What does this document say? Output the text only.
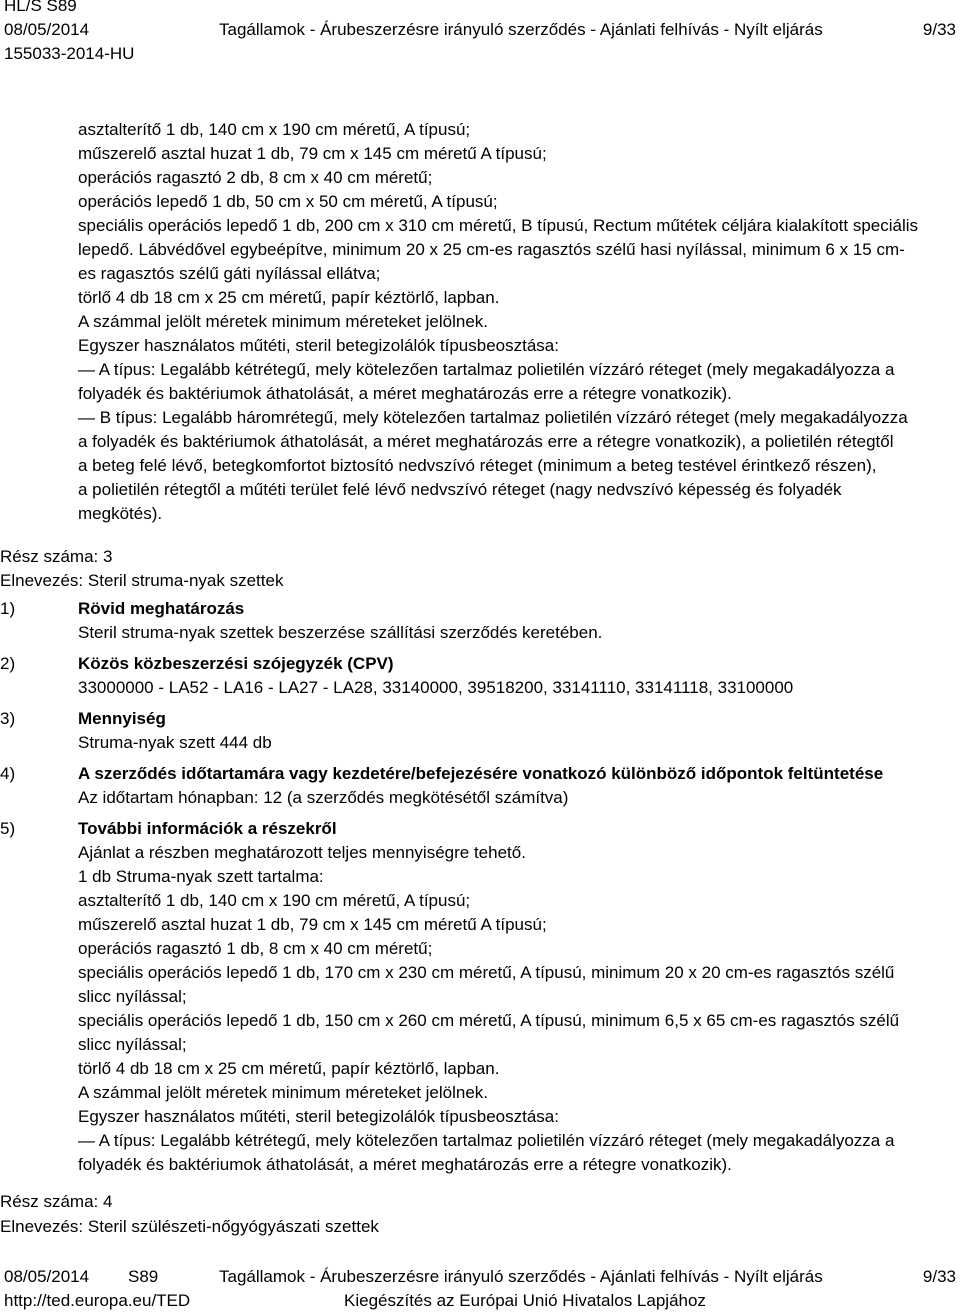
HL/S S89
08/05/2014	Tagállamok - Árubeszerzésre irányuló szerződés - Ajánlati felhívás - Nyílt eljárás	9/33
155033-2014-HU
asztalterítő 1 db, 140 cm x 190 cm méretű, A típusú;
műszerelő asztal huzat 1 db, 79 cm x 145 cm méretű A típusú;
operációs ragasztó 2 db, 8 cm x 40 cm méretű;
operációs lepedő 1 db, 50 cm x 50 cm méretű, A típusú;
speciális operációs lepedő 1 db, 200 cm x 310 cm méretű, B típusú, Rectum műtétek céljára kialakított speciális
lepedő. Lábvédővel egybeépítve, minimum 20 x 25 cm-es ragasztós szélű hasi nyílással, minimum 6 x 15 cm-
es ragasztós szélű gáti nyílással ellátva;
törlő 4 db 18 cm x 25 cm méretű, papír kéztörlő, lapban.
A számmal jelölt méretek minimum méreteket jelölnek.
Egyszer használatos műtéti, steril betegizolálók típusbeosztása:
— A típus: Legalább kétrétegű, mely kötelezően tartalmaz polietilén vízzáró réteget (mely megakadályozza a
folyadék és baktériumok áthatolását, a méret meghatározás erre a rétegre vonatkozik).
— B típus: Legalább háromrétegű, mely kötelezően tartalmaz polietilén vízzáró réteget (mely megakadályozza
a folyadék és baktériumok áthatolását, a méret meghatározás erre a rétegre vonatkozik), a polietilén rétegtől
a beteg felé lévő, betegkomfortot biztosító nedvszívó réteget (minimum a beteg testével érintkező részen),
a polietilén rétegtől a műtéti terület felé lévő nedvszívó réteget (nagy nedvszívó képesség és folyadék
megkötés).
Rész száma: 3
Elnevezés: Steril struma-nyak szettek
1)	Rövid meghatározás
Steril struma-nyak szettek beszerzése szállítási szerződés keretében.
2)	Közös közbeszerzési szójegyzék (CPV)
33000000 - LA52 - LA16 - LA27 - LA28, 33140000, 39518200, 33141110, 33141118, 33100000
3)	Mennyiség
Struma-nyak szett 444 db
4)	A szerződés időtartamára vagy kezdetére/befejezésére vonatkozó különböző időpontok feltüntetése
Az időtartam hónapban: 12 (a szerződés megkötésétől számítva)
5)	További információk a részekről
Ajánlat a részben meghatározott teljes mennyiségre tehető.
1 db Struma-nyak szett tartalma:
asztalterítő 1 db, 140 cm x 190 cm méretű, A típusú;
műszerelő asztal huzat 1 db, 79 cm x 145 cm méretű A típusú;
operációs ragasztó 1 db, 8 cm x 40 cm méretű;
speciális operációs lepedő 1 db, 170 cm x 230 cm méretű, A típusú, minimum 20 x 20 cm-es ragasztós szélű
slicc nyílással;
speciális operációs lepedő 1 db, 150 cm x 260 cm méretű, A típusú, minimum 6,5 x 65 cm-es ragasztós szélű
slicc nyílással;
törlő 4 db 18 cm x 25 cm méretű, papír kéztörlő, lapban.
A számmal jelölt méretek minimum méreteket jelölnek.
Egyszer használatos műtéti, steril betegizolálók típusbeosztása:
— A típus: Legalább kétrétegű, mely kötelezően tartalmaz polietilén vízzáró réteget (mely megakadályozza a
folyadék és baktériumok áthatolását, a méret meghatározás erre a rétegre vonatkozik).
Rész száma: 4
Elnevezés: Steril szülészeti-nőgyógyászati szettek
08/05/2014 S89	Tagállamok - Árubeszerzésre irányuló szerződés - Ajánlati felhívás - Nyílt eljárás	9/33
http://ted.europa.eu/TED	Kiegészítés az Európai Unió Hivatalos Lapjához
